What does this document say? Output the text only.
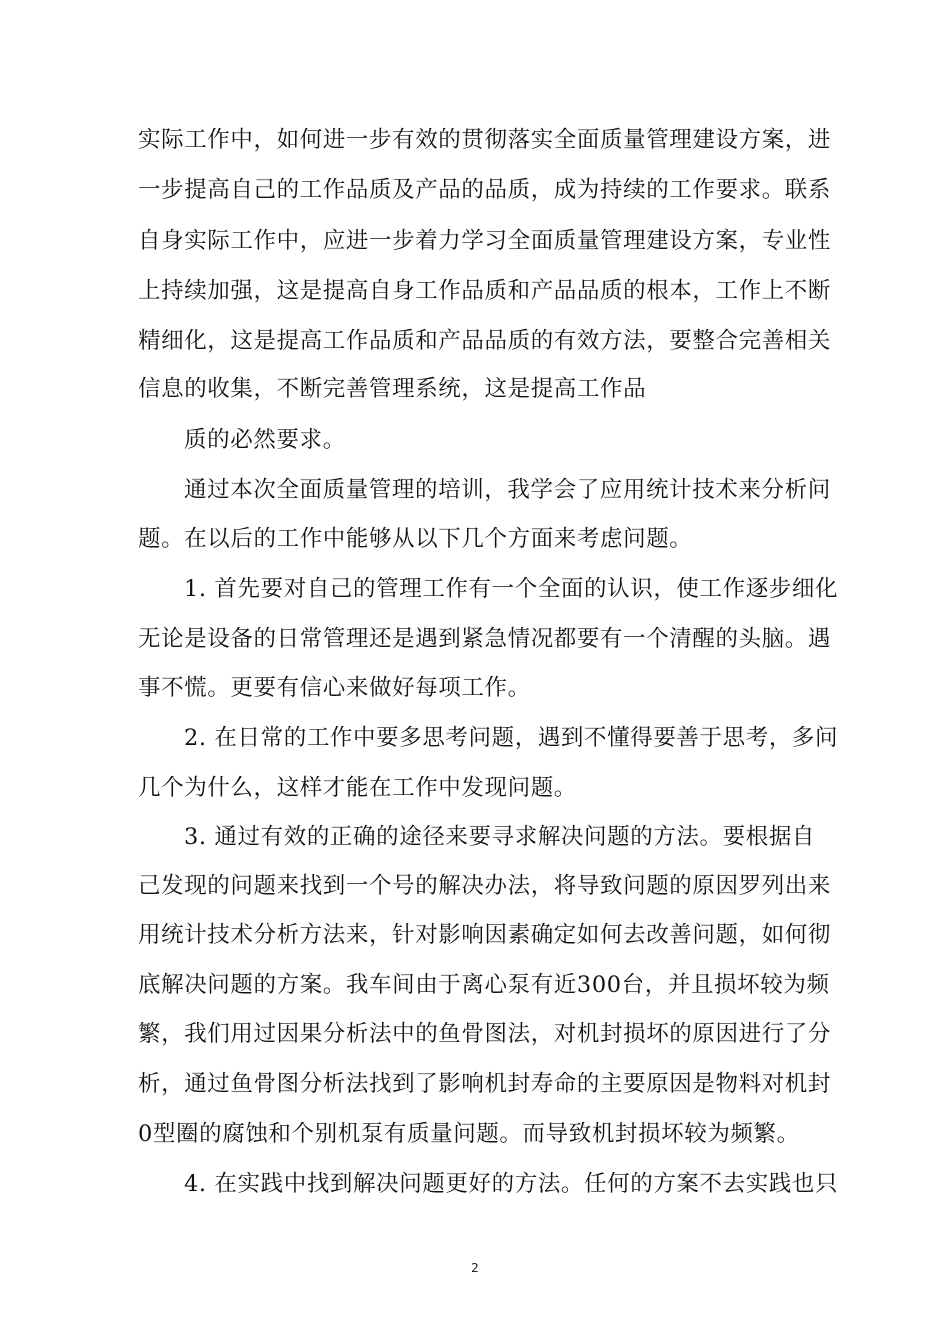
实际工作中，如何进一步有效的贯彻落实全面质量管理建设方案，进
一步提高自己的工作品质及产品的品质，成为持续的工作要求。联系
自身实际工作中，应进一步着力学习全面质量管理建设方案，专业性
上持续加强，这是提高自身工作品质和产品品质的根本，工作上不断
精细化，这是提高工作品质和产品品质的有效方法，要整合完善相关
信息的收集，不断完善管理系统，这是提高工作品
质的必然要求。
通过本次全面质量管理的培训，我学会了应用统计技术来分析问
题。在以后的工作中能够从以下几个方面来考虑问题。
1. 首先要对自己的管理工作有一个全面的认识，使工作逐步细化
无论是设备的日常管理还是遇到紧急情况都要有一个清醒的头脑。遇
事不慌。更要有信心来做好每项工作。
2. 在日常的工作中要多思考问题，遇到不懂得要善于思考，多问
几个为什么，这样才能在工作中发现问题。
3. 通过有效的正确的途径来要寻求解决问题的方法。要根据自
己发现的问题来找到一个号的解决办法，将导致问题的原因罗列出来
用统计技术分析方法来，针对影响因素确定如何去改善问题，如何彻
底解决问题的方案。我车间由于离心泵有近300台，并且损坏较为频
繁，我们用过因果分析法中的鱼骨图法，对机封损坏的原因进行了分
析，通过鱼骨图分析法找到了影响机封寿命的主要原因是物料对机封
0型圈的腐蚀和个别机泵有质量问题。而导致机封损坏较为频繁。
4. 在实践中找到解决问题更好的方法。任何的方案不去实践也只
2
